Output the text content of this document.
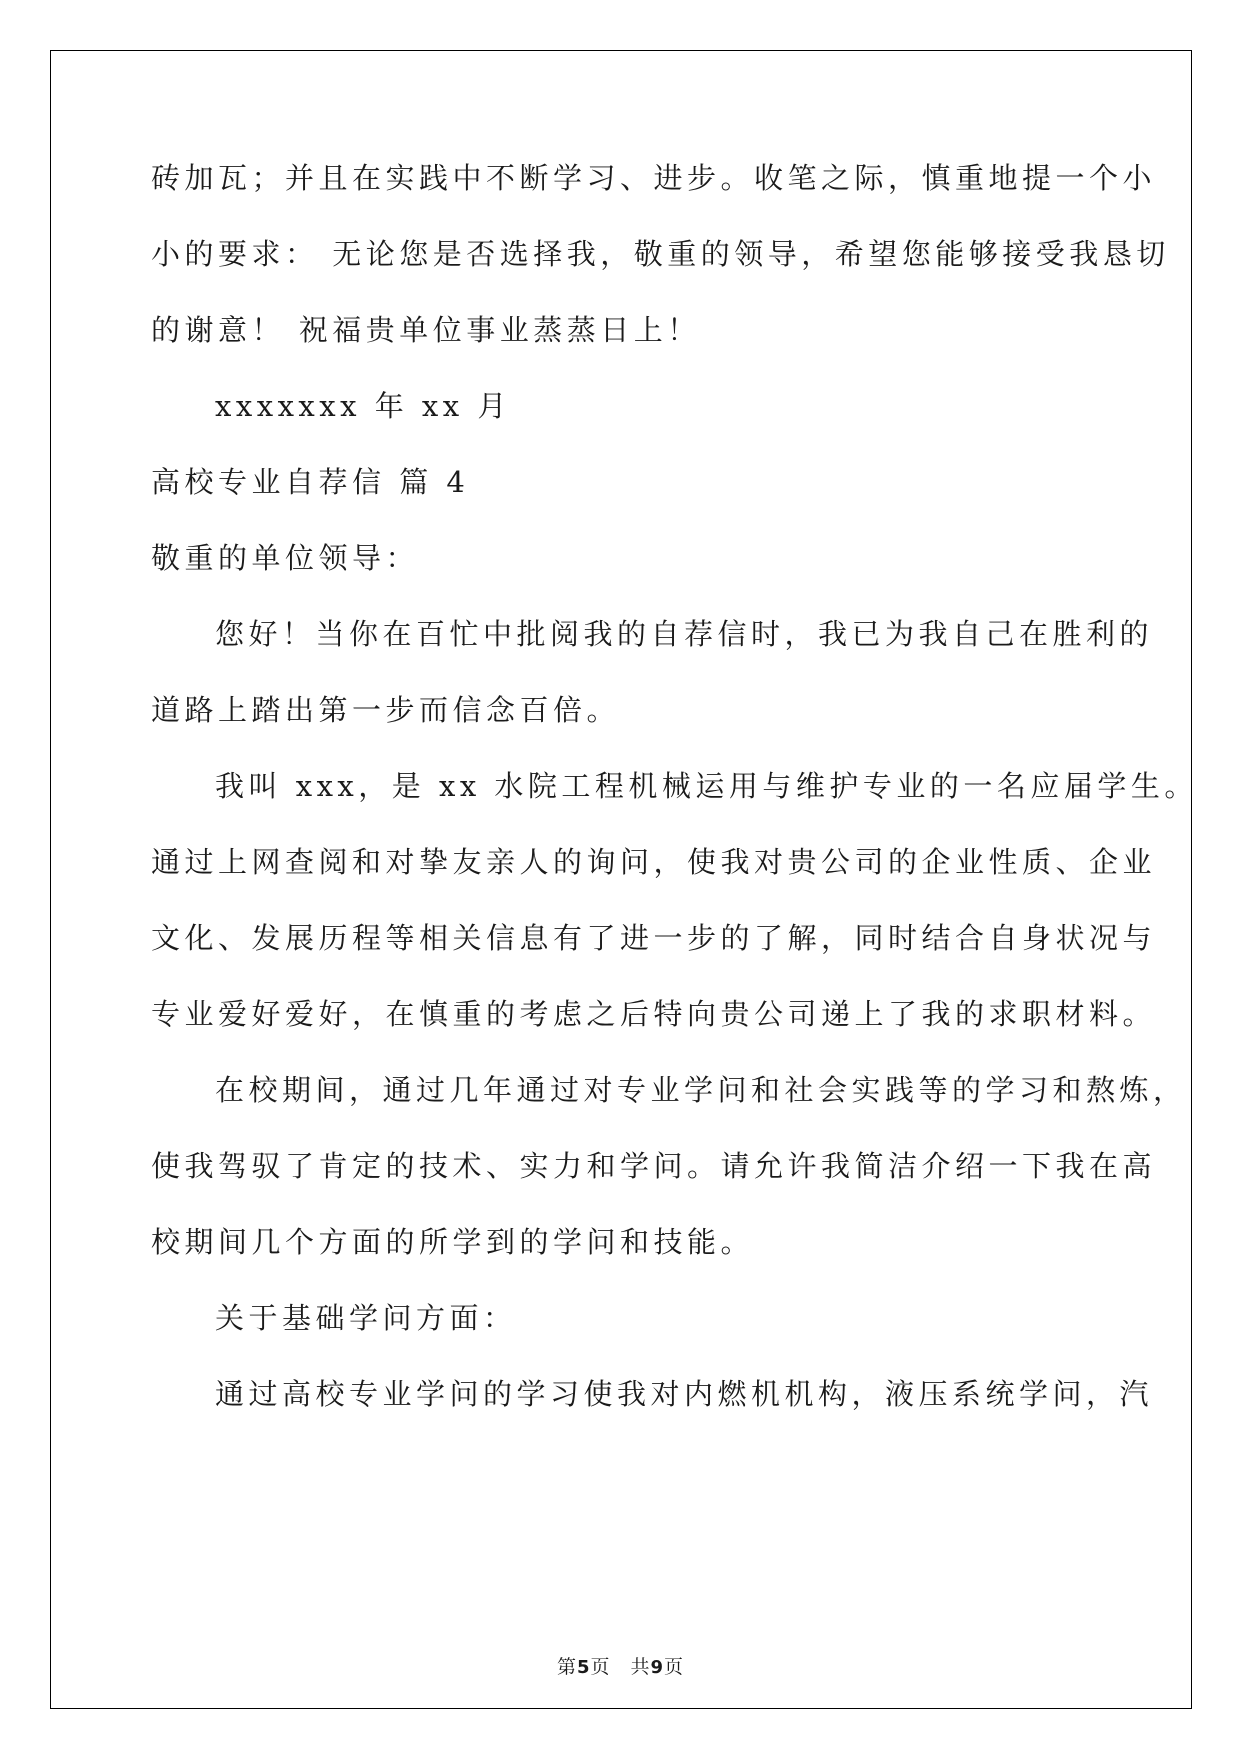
砖加瓦；并且在实践中不断学习、进步。收笔之际，慎重地提一个小
小的要求： 无论您是否选择我，敬重的领导，希望您能够接受我恳切
的谢意！ 祝福贵单位事业蒸蒸日上！
xxxxxxx 年 xx 月
高校专业自荐信 篇 4
敬重的单位领导：
您好！当你在百忙中批阅我的自荐信时，我已为我自己在胜利的
道路上踏出第一步而信念百倍。
我叫 xxx，是 xx 水院工程机械运用与维护专业的一名应届学生。
通过上网查阅和对挚友亲人的询问，使我对贵公司的企业性质、企业
文化、发展历程等相关信息有了进一步的了解，同时结合自身状况与
专业爱好爱好，在慎重的考虑之后特向贵公司递上了我的求职材料。
在校期间，通过几年通过对专业学问和社会实践等的学习和熬炼，
使我驾驭了肯定的技术、实力和学问。请允许我简洁介绍一下我在高
校期间几个方面的所学到的学问和技能。
关于基础学问方面：
通过高校专业学问的学习使我对内燃机机构，液压系统学问，汽
第5页 共9页
